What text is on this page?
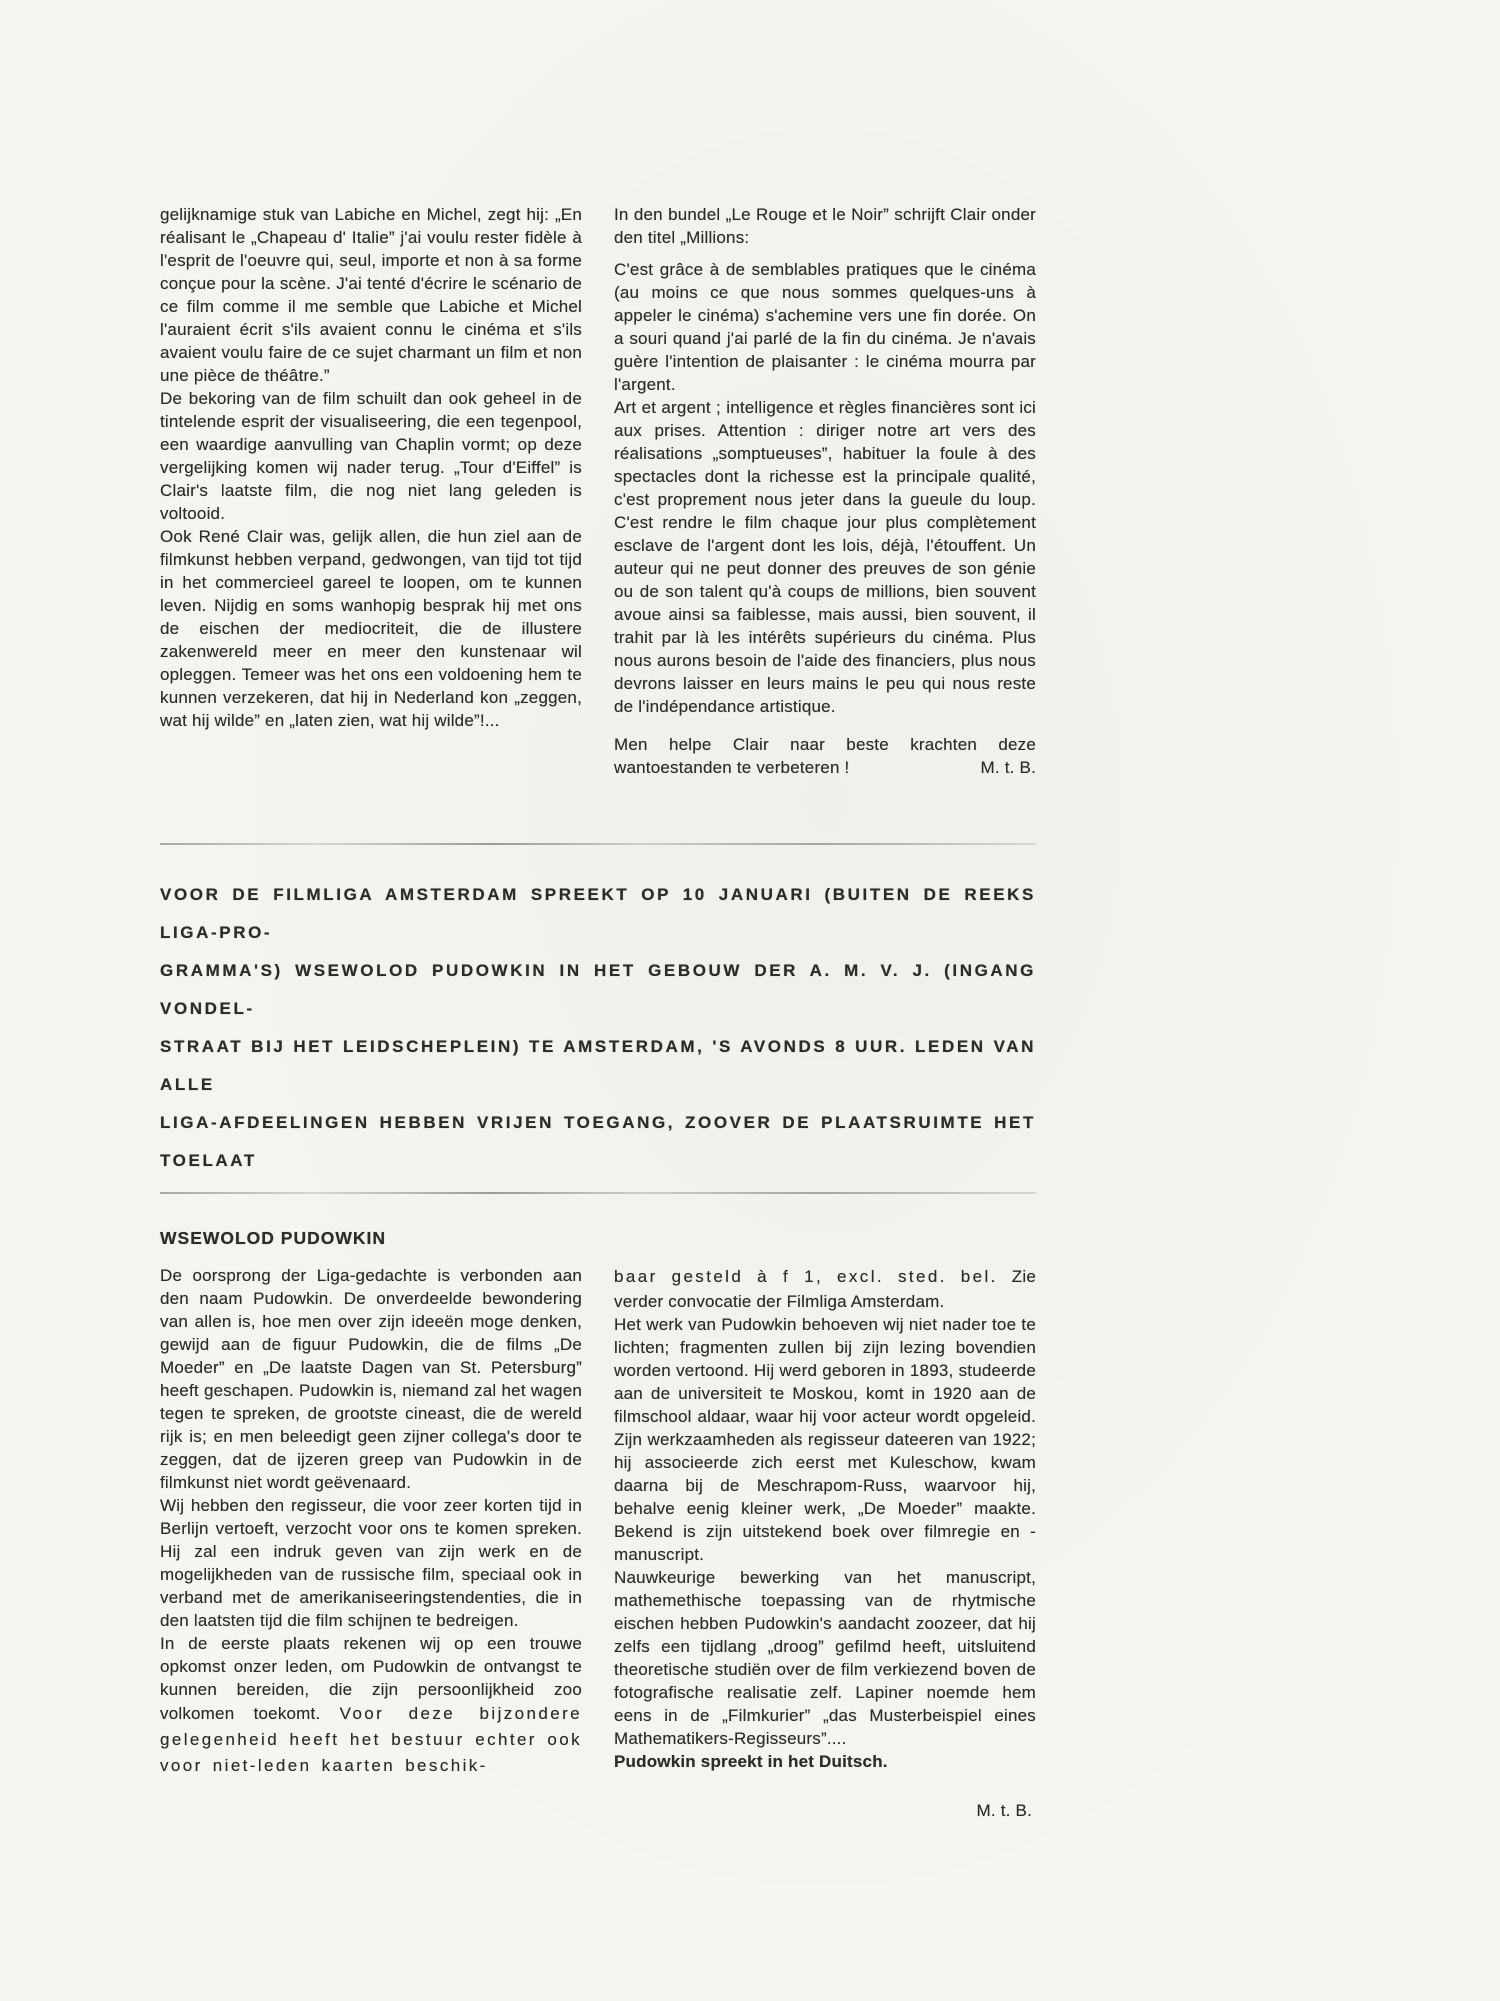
gelijknamige stuk van Labiche en Michel, zegt hij: „En réalisant le „Chapeau d' Italie” j'ai voulu rester fidèle à l'esprit de l'oeuvre qui, seul, importe et non à sa forme conçue pour la scène. J'ai tenté d'écrire le scénario de ce film comme il me semble que Labiche et Michel l'auraient écrit s'ils avaient connu le cinéma et s'ils avaient voulu faire de ce sujet charmant un film et non une pièce de théâtre.”

De bekoring van de film schuilt dan ook geheel in de tintelende esprit der visualiseering, die een tegenpool, een waardige aanvulling van Chaplin vormt; op deze vergelijking komen wij nader terug. „Tour d'Eiffel” is Clair's laatste film, die nog niet lang geleden is voltooid.

Ook René Clair was, gelijk allen, die hun ziel aan de filmkunst hebben verpand, gedwongen, van tijd tot tijd in het commercieel gareel te loopen, om te kunnen leven. Nijdig en soms wanhopig besprak hij met ons de eischen der mediocriteit, die de illustere zakenwereld meer en meer den kunstenaar wil opleggen. Temeer was het ons een voldoening hem te kunnen verzekeren, dat hij in Nederland kon „zeggen, wat hij wilde” en „laten zien, wat hij wilde”!...

In den bundel „Le Rouge et le Noir” schrijft Clair onder den titel „Millions:

C'est grâce à de semblables pratiques que le cinéma (au moins ce que nous sommes quelques-uns à appeler le cinéma) s'achemine vers une fin dorée. On a souri quand j'ai parlé de la fin du cinéma. Je n'avais guère l'intention de plaisanter : le cinéma mourra par l'argent.

Art et argent ; intelligence et règles financières sont ici aux prises. Attention : diriger notre art vers des réalisations „somptueuses”, habituer la foule à des spectacles dont la richesse est la principale qualité, c'est proprement nous jeter dans la gueule du loup. C'est rendre le film chaque jour plus complètement esclave de l'argent dont les lois, déjà, l'étouffent. Un auteur qui ne peut donner des preuves de son génie ou de son talent qu'à coups de millions, bien souvent avoue ainsi sa faiblesse, mais aussi, bien souvent, il trahit par là les intérêts supérieurs du cinéma. Plus nous aurons besoin de l'aide des financiers, plus nous devrons laisser en leurs mains le peu qui nous reste de l'indépendance artistique.

Men helpe Clair naar beste krachten deze wantoestanden te verbeteren !	M. t. B.

VOOR DE FILMLIGA AMSTERDAM SPREEKT OP 10 JANUARI (BUITEN DE REEKS LIGA-PRO-
GRAMMA'S) WSEWOLOD PUDOWKIN IN HET GEBOUW DER A. M. V. J. (INGANG VONDEL-
STRAAT BIJ HET LEIDSCHEPLEIN) TE AMSTERDAM, 'S AVONDS 8 UUR. LEDEN VAN ALLE
LIGA-AFDEELINGEN HEBBEN VRIJEN TOEGANG, ZOOVER DE PLAATSRUIMTE HET TOELAAT
WSEWOLOD PUDOWKIN

De oorsprong der Liga-gedachte is verbonden aan den naam Pudowkin. De onverdeelde bewondering van allen is, hoe men over zijn ideeën moge denken, gewijd aan de figuur Pudowkin, die de films „De Moeder” en „De laatste Dagen van St. Petersburg” heeft geschapen. Pudowkin is, niemand zal het wagen tegen te spreken, de grootste cineast, die de wereld rijk is; en men beleedigt geen zijner collega's door te zeggen, dat de ijzeren greep van Pudowkin in de filmkunst niet wordt geëvenaard.

Wij hebben den regisseur, die voor zeer korten tijd in Berlijn vertoeft, verzocht voor ons te komen spreken. Hij zal een indruk geven van zijn werk en de mogelijkheden van de russische film, speciaal ook in verband met de amerikaniseeringstendenties, die in den laatsten tijd die film schijnen te bedreigen.

In de eerste plaats rekenen wij op een trouwe opkomst onzer leden, om Pudowkin de ontvangst te kunnen bereiden, die zijn persoonlijkheid zoo volkomen toekomt. Voor deze bijzondere gelegenheid heeft het bestuur echter ook voor niet-leden kaarten beschik-

baar gesteld à f 1, excl. sted. bel. Zie verder convocatie der Filmliga Amsterdam.

Het werk van Pudowkin behoeven wij niet nader toe te lichten; fragmenten zullen bij zijn lezing bovendien worden vertoond. Hij werd geboren in 1893, studeerde aan de universiteit te Moskou, komt in 1920 aan de filmschool aldaar, waar hij voor acteur wordt opgeleid. Zijn werkzaamheden als regisseur dateeren van 1922; hij associeerde zich eerst met Kuleschow, kwam daarna bij de Meschrapom-Russ, waarvoor hij, behalve eenig kleiner werk, „De Moeder” maakte. Bekend is zijn uitstekend boek over filmregie en -manuscript.

Nauwkeurige bewerking van het manuscript, mathemethische toepassing van de rhytmische eischen hebben Pudowkin's aandacht zoozeer, dat hij zelfs een tijdlang „droog” gefilmd heeft, uitsluitend theoretische studiën over de film verkiezend boven de fotografische realisatie zelf. Lapiner noemde hem eens in de „Filmkurier” „das Musterbeispiel eines Mathematikers-Regisseurs”....

Pudowkin spreekt in het Duitsch.

M. t. B.
